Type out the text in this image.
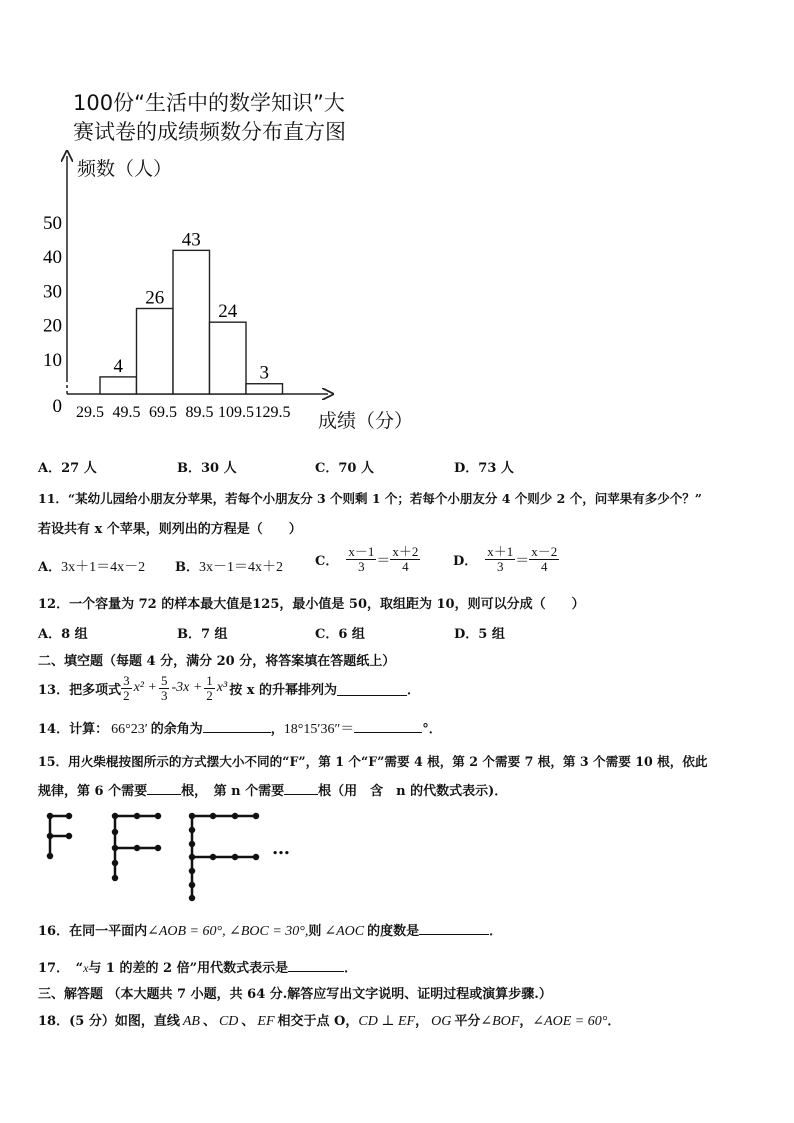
100份“生活中的数学知识”大
赛试卷的成绩频数分布直方图
0
10
20
30
40
50
29.5 49.5 69.5 89.5 109.5 129.5
4
26
43
24
3
频数（人）
成绩（分）
A．27 人	B．30 人	C．70 人	D．73 人
11．“某幼儿园给小朋友分苹果，若每个小朋友分 3 个则剩 1 个；若每个小朋友分 4 个则少 2 个，问苹果有多少个？”
若设共有 x 个苹果，则列出的方程是（　　）
A．3x＋1＝4x－2 B．3x－1＝4x＋2 C． $\frac{x-1}{3} = \frac{x+2}{4}$	D． $\frac{x+1}{3} = \frac{x-2}{4}$
12．一个容量为 72 的样本最大值是125，最小值是 50，取组距为 10，则可以分成（　　）
A．8 组	B．7 组	C．6 组	D．5 组
二、填空题（每题 4 分，满分 20 分，将答案填在答题纸上）
13．把多项式 $\frac{3}{2} x^2 + \frac{5}{3} -3x + \frac{1}{2} x^3$ 按 x 的升幂排列为	．
14．计算： 66°23′ 的余角为	，18°15′36″＝	°．
15．用火柴棍按图所示的方式摆大小不同的“F”，第 1 个“F”需要 4 根，第 2 个需要 7 根，第 3 个需要 10 根，依此
规律，第 6 个需要	根，　第 n 个需要	根（用　含　n 的代数式表示)．
…
16．在同一平面内∠AOB = 60°, ∠BOC = 30°,则 ∠AOC 的度数是	．
17．　“x与 1 的差的 2 倍”用代数式表示是	．
三、解答题 （本大题共 7 小题，共 64 分.解答应写出文字说明、证明过程或演算步骤.）
18．(5 分）如图，直线 AB 、 CD 、 EF 相交于点 O，CD ⊥ EF， OG 平分∠BOF，∠AOE = 60°．
